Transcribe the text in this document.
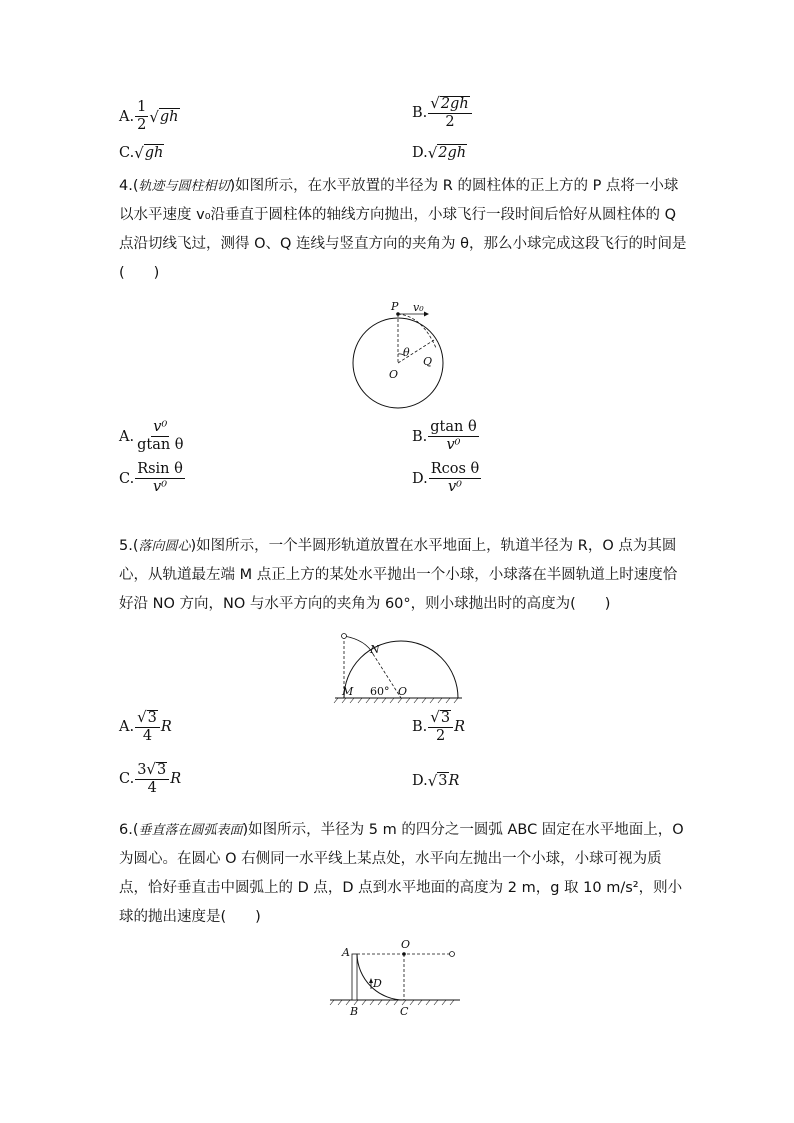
A. $\frac{1}{2}$ √ gh	B. $\frac{√ 2gh}{2}$
C. √ gh	D. √ 2gh
4.(轨迹与圆柱相切)如图所示，在水平放置的半径为 R 的圆柱体的正上方的 P 点将一小球以水平速度 v₀沿垂直于圆柱体的轴线方向抛出，小球飞行一段时间后恰好从圆柱体的 Q 点沿切线飞过，测得 O、Q 连线与竖直方向的夹角为 θ，那么小球完成这段飞行的时间是(　　)
P v₀
θ
O
Q
A. $\frac{\text{v⁰}}{\text{gtan θ}}$	B. $\frac{\text{gtan θ}}{\text{v⁰}}$
C. $\frac{\text{Rsin θ}}{\text{v⁰}}$	D. $\frac{\text{Rcos θ}}{\text{v⁰}}$
5.(落向圆心)如图所示，一个半圆形轨道放置在水平地面上，轨道半径为 R，O 点为其圆心，从轨道最左端 M 点正上方的某处水平抛出一个小球，小球落在半圆轨道上时速度恰好沿 NO 方向，NO 与水平方向的夹角为 60°，则小球抛出时的高度为(　　)
N
M 60° O
A. $\frac{√ 3}{4}$ R	B. $\frac{√ 3}{2}$ R
C. $\frac{3 √ 3}{4}$ R	D. √ 3 R
6.(垂直落在圆弧表面)如图所示，半径为 5 m 的四分之一圆弧 ABC 固定在水平地面上，O 为圆心。在圆心 O 右侧同一水平线上某点处，水平向左抛出一个小球，小球可视为质点，恰好垂直击中圆弧上的 D 点，D 点到水平地面的高度为 2 m，g 取 10 m/s²，则小球的抛出速度是(　　)
A
O
D
B	C
